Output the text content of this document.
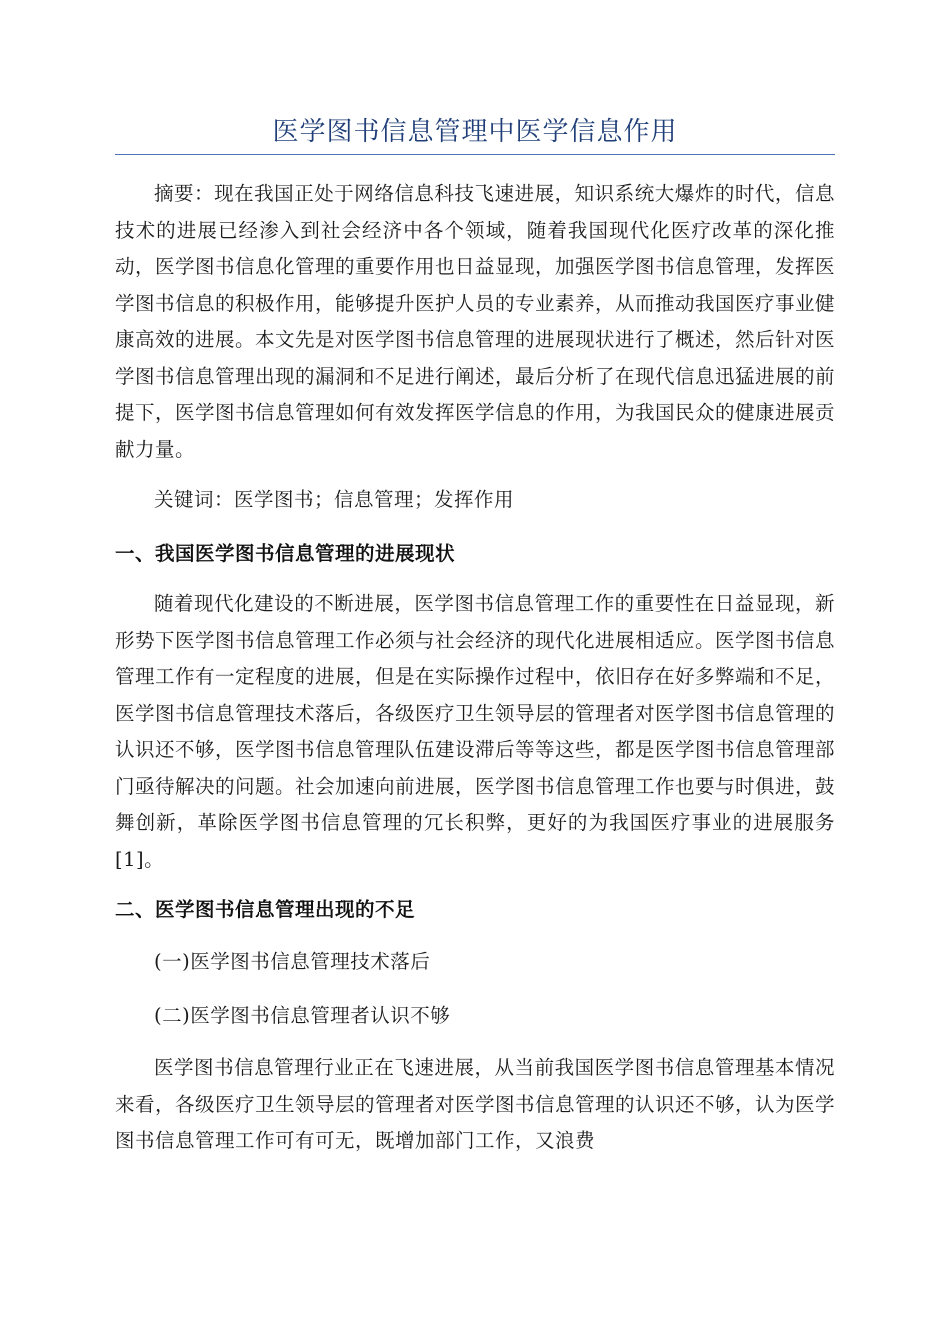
医学图书信息管理中医学信息作用

摘要：现在我国正处于网络信息科技飞速进展，知识系统大爆炸的时代，信息技术的进展已经渗入到社会经济中各个领域，随着我国现代化医疗改革的深化推动，医学图书信息化管理的重要作用也日益显现，加强医学图书信息管理，发挥医学图书信息的积极作用，能够提升医护人员的专业素养，从而推动我国医疗事业健康高效的进展。本文先是对医学图书信息管理的进展现状进行了概述，然后针对医学图书信息管理出现的漏洞和不足进行阐述，最后分析了在现代信息迅猛进展的前提下，医学图书信息管理如何有效发挥医学信息的作用，为我国民众的健康进展贡献力量。

关键词：医学图书；信息管理；发挥作用

一、我国医学图书信息管理的进展现状

随着现代化建设的不断进展，医学图书信息管理工作的重要性在日益显现，新形势下医学图书信息管理工作必须与社会经济的现代化进展相适应。医学图书信息管理工作有一定程度的进展，但是在实际操作过程中，依旧存在好多弊端和不足，医学图书信息管理技术落后，各级医疗卫生领导层的管理者对医学图书信息管理的认识还不够，医学图书信息管理队伍建设滞后等等这些，都是医学图书信息管理部门亟待解决的问题。社会加速向前进展，医学图书信息管理工作也要与时俱进，鼓舞创新，革除医学图书信息管理的冗长积弊，更好的为我国医疗事业的进展服务[1]。

二、医学图书信息管理出现的不足

(一)医学图书信息管理技术落后

(二)医学图书信息管理者认识不够

医学图书信息管理行业正在飞速进展，从当前我国医学图书信息管理基本情况来看，各级医疗卫生领导层的管理者对医学图书信息管理的认识还不够，认为医学图书信息管理工作可有可无，既增加部门工作，又浪费
